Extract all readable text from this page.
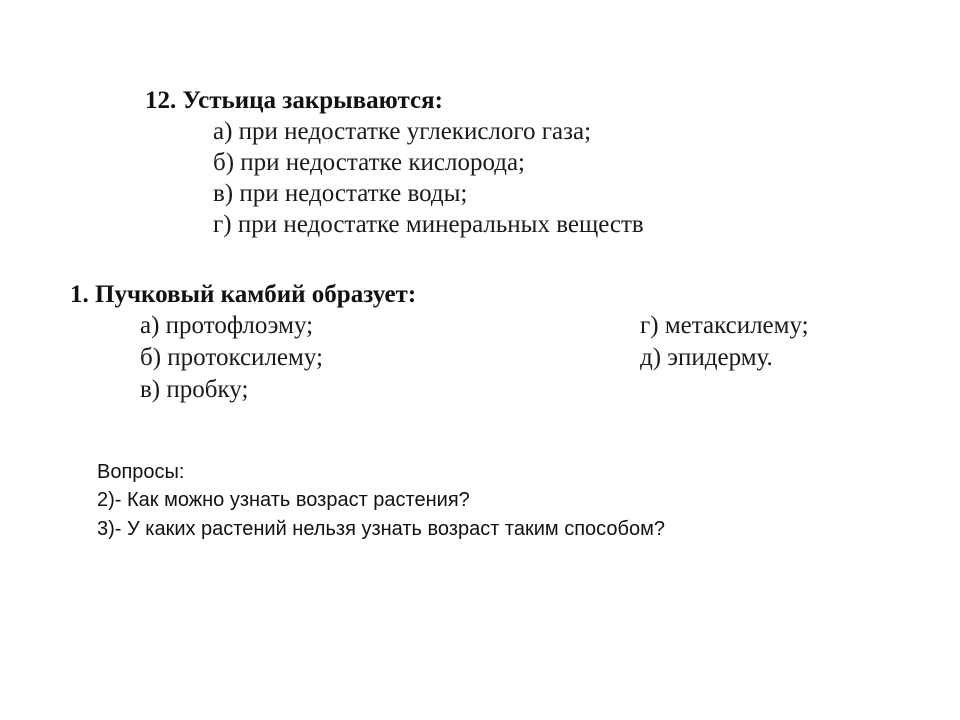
12. Устьица закрываются:
а) при недостатке углекислого газа;
б) при недостатке кислорода;
в) при недостатке воды;
г) при недостатке минеральных веществ
1. Пучковый камбий образует:
а) протофлоэму;
б) протоксилему;
в) пробку;
г) метаксилему;
д) эпидерму.
Вопросы:
2)- Как можно узнать возраст растения?
3)- У каких растений нельзя узнать возраст таким способом?
